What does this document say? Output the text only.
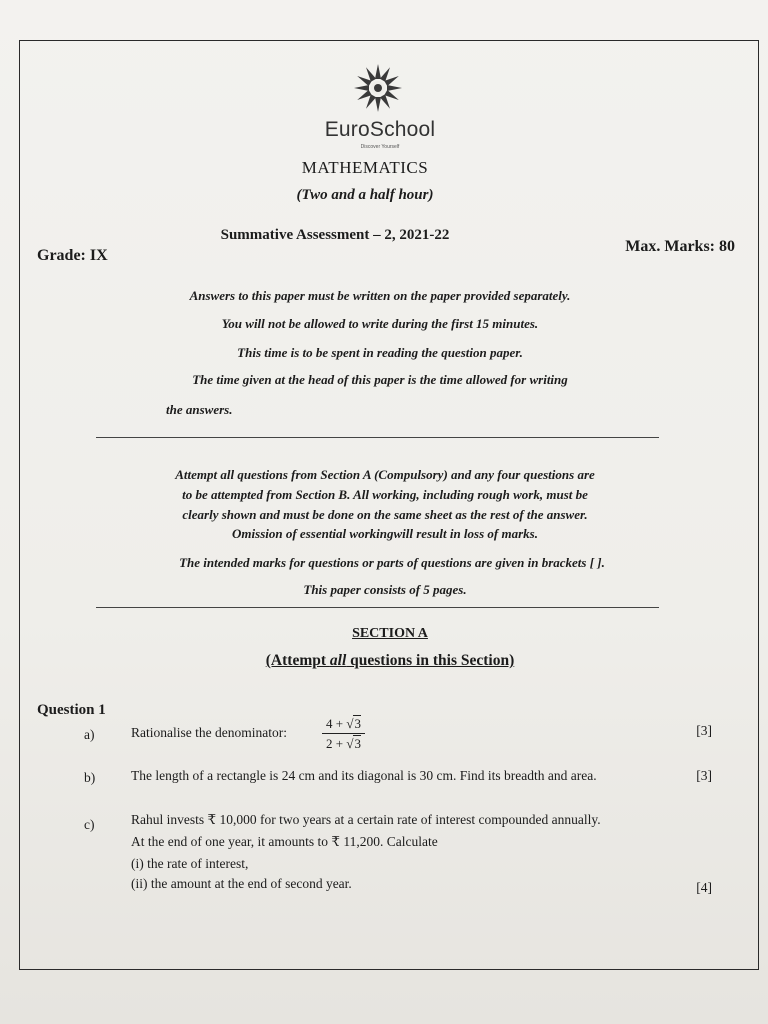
EuroSchool
Discover Yourself
MATHEMATICS
(Two and a half hour)
Summative Assessment – 2, 2021-22
Grade: IX
Max. Marks: 80
Answers to this paper must be written on the paper provided separately.
You will not be allowed to write during the first 15 minutes.
This time is to be spent in reading the question paper.
The time given at the head of this paper is the time allowed for writing
the answers.
Attempt all questions from Section A (Compulsory) and any four questions are
to be attempted from Section B. All working, including rough work, must be
clearly shown and must be done on the same sheet as the rest of the answer.
Omission of essential workingwill result in loss of marks.
The intended marks for questions or parts of questions are given in brackets [ ].
This paper consists of 5 pages.
SECTION A
(Attempt all questions in this Section)
Question 1
a)	Rationalise the denominator:	$\frac{4 + √3}{2 + √3}$	[3]
b)	The length of a rectangle is 24 cm and its diagonal is 30 cm. Find its breadth and area.	[3]
c)	Rahul invests ₹ 10,000 for two years at a certain rate of interest compounded annually.
At the end of one year, it amounts to ₹ 11,200. Calculate
(i) the rate of interest,
(ii) the amount at the end of second year.	[4]
